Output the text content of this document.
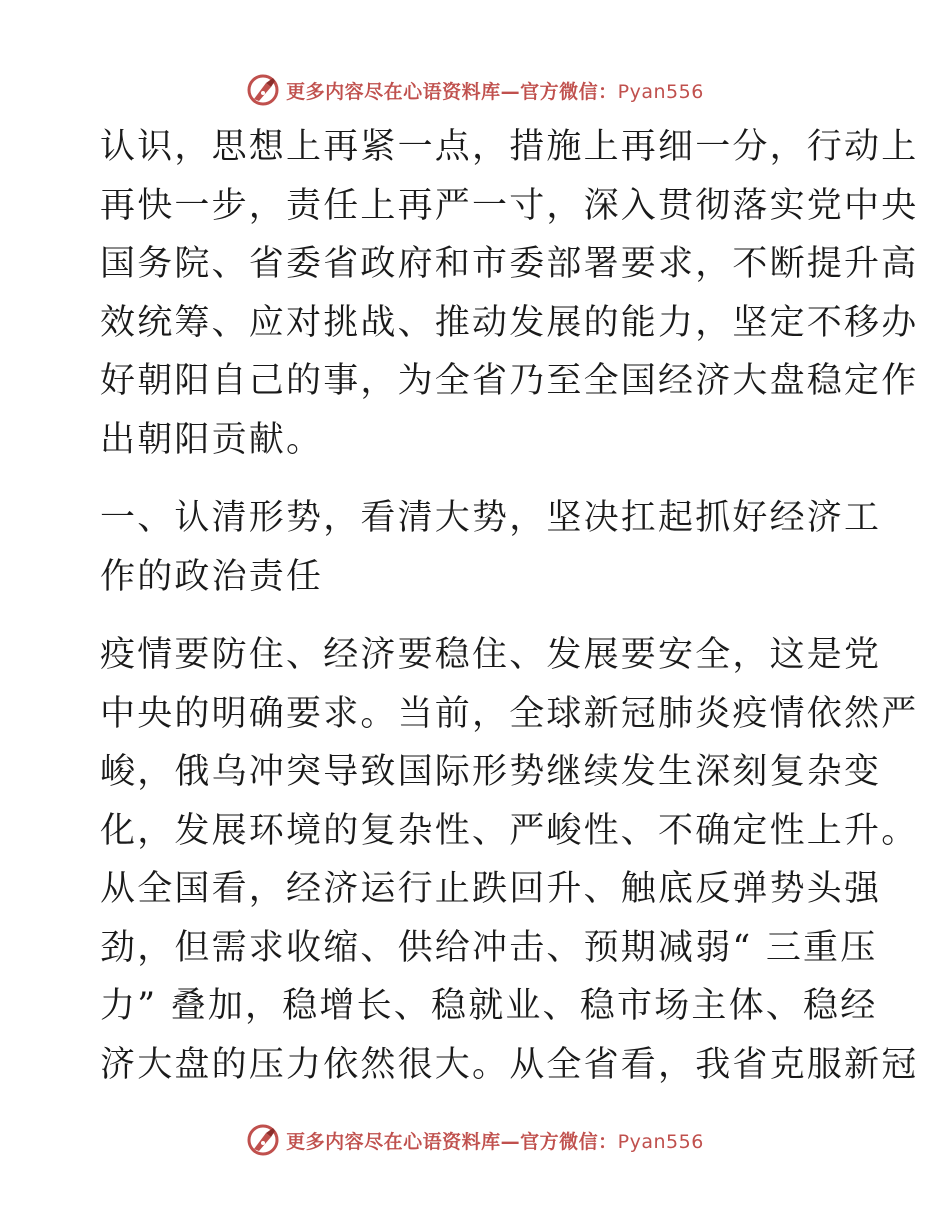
更多内容尽在心语资料库—官方微信：Pyan556

认识，思想上再紧一点，措施上再细一分，行动上
再快一步，责任上再严一寸，深入贯彻落实党中央
国务院、省委省政府和市委部署要求，不断提升高
效统筹、应对挑战、推动发展的能力，坚定不移办
好朝阳自己的事，为全省乃至全国经济大盘稳定作
出朝阳贡献。

一、认清形势，看清大势，坚决扛起抓好经济工
作的政治责任

疫情要防住、经济要稳住、发展要安全，这是党
中央的明确要求。当前，全球新冠肺炎疫情依然严
峻，俄乌冲突导致国际形势继续发生深刻复杂变
化，发展环境的复杂性、严峻性、不确定性上升。
从全国看，经济运行止跌回升、触底反弹势头强
劲，但需求收缩、供给冲击、预期减弱“ 三重压
力” 叠加，稳增长、稳就业、稳市场主体、稳经
济大盘的压力依然很大。从全省看，我省克服新冠

更多内容尽在心语资料库—官方微信：Pyan556
